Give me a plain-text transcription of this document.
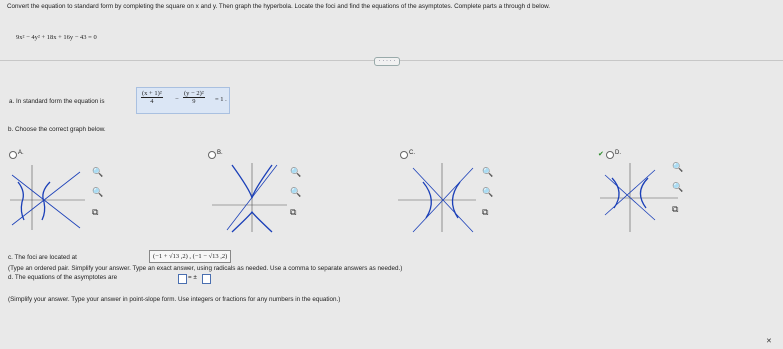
Convert the equation to standard form by completing the square on x and y. Then graph the hyperbola. Locate the foci and find the equations of the asymptotes. Complete parts a through d below.
9x² − 4y² + 18x + 16y − 43 = 0
· · · · ·
a. In standard form the equation is	$\frac{\text{(x + 1)²}}{4} - \frac{\text{(y − 2)²}}{9} = 1$ .
b. Choose the correct graph below.
A.	B.	C.	✔ D.
🔍
🔍
⧉
🔍
🔍
⧉
🔍
🔍
⧉
🔍
🔍
⧉
c. The foci are located at	(−1 + √13 ,2) , (−1 − √13 ,2)
(Type an ordered pair. Simplify your answer. Type an exact answer, using radicals as needed. Use a comma to separate answers as needed.)
d. The equations of the asymptotes are	= ±
(Simplify your answer. Type your answer in point-slope form. Use integers or fractions for any numbers in the equation.)
✕
